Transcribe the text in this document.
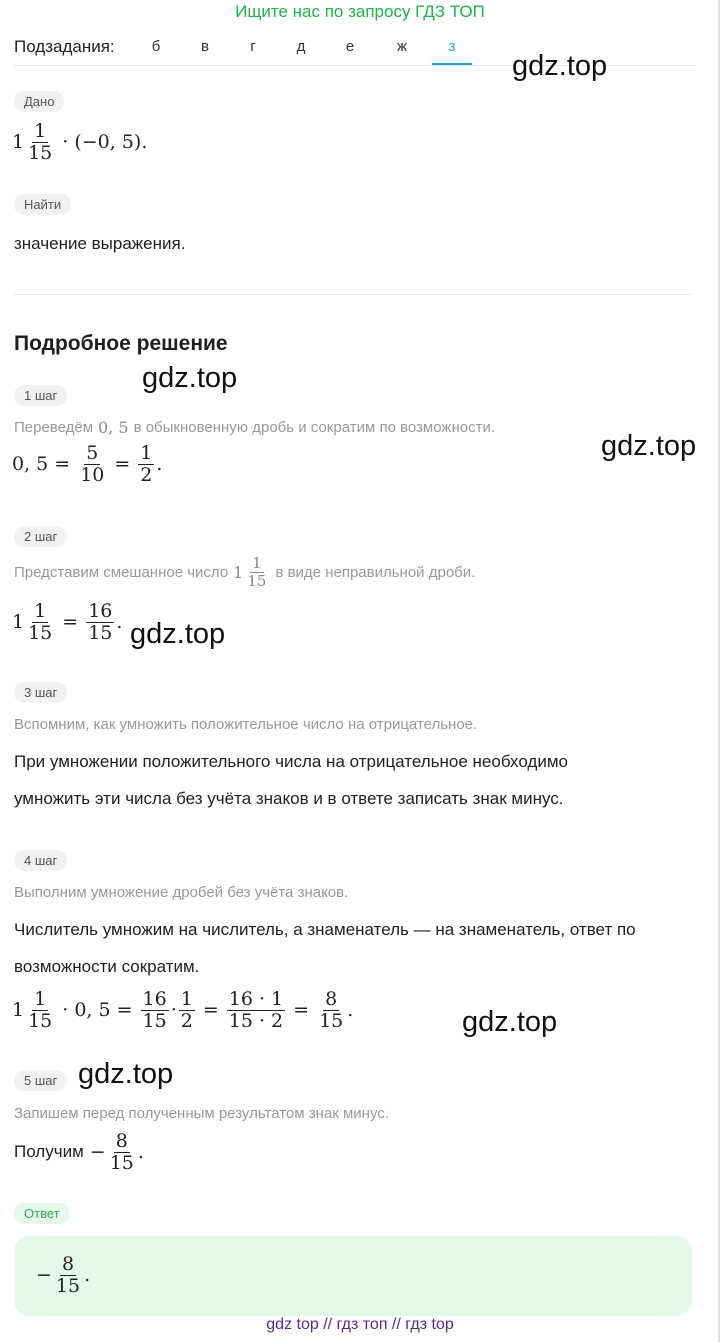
Ищите нас по запросу ГДЗ ТОП
Подзадания:	б	в	г	д	е	ж	з
gdz.top
Дано
$1 \frac{1}{15} \cdot (-0$, 5).
Найти
значение выражения.
Подробное решение
gdz.top
1 шаг
Переведём 0, 5 в обыкновенную дробь и сократим по возможности.
gdz.top
0, $5 = \frac{5}{10} = \frac{1}{2}$ .
2 шаг
Представим смешанное число $1 \frac{1}{15}$ в виде неправильной дроби.
$1 \frac{1}{15} = \frac{16}{15}$ . gdz.top
3 шаг
Вспомним, как умножить положительное число на отрицательное.
При умножении положительного числа на отрицательное необходимо
умножить эти числа без учёта знаков и в ответе записать знак минус.
4 шаг
Выполним умножение дробей без учёта знаков.
Числитель умножим на числитель, а знаменатель — на знаменатель, ответ по
возможности сократим.
$1 \frac{1}{15} \cdot 0$, $5 = \frac{16}{15} \cdot \frac{1}{2} = \frac{16 \cdot 1}{15 \cdot 2} = \frac{8}{15}$ .	gdz.top
5 шаг gdz.top
Запишем перед полученным результатом знак минус.
Получим − $\frac{8}{15}$ .
Ответ
− $\frac{8}{15}$ .
gdz top // гдз топ // гдз top
